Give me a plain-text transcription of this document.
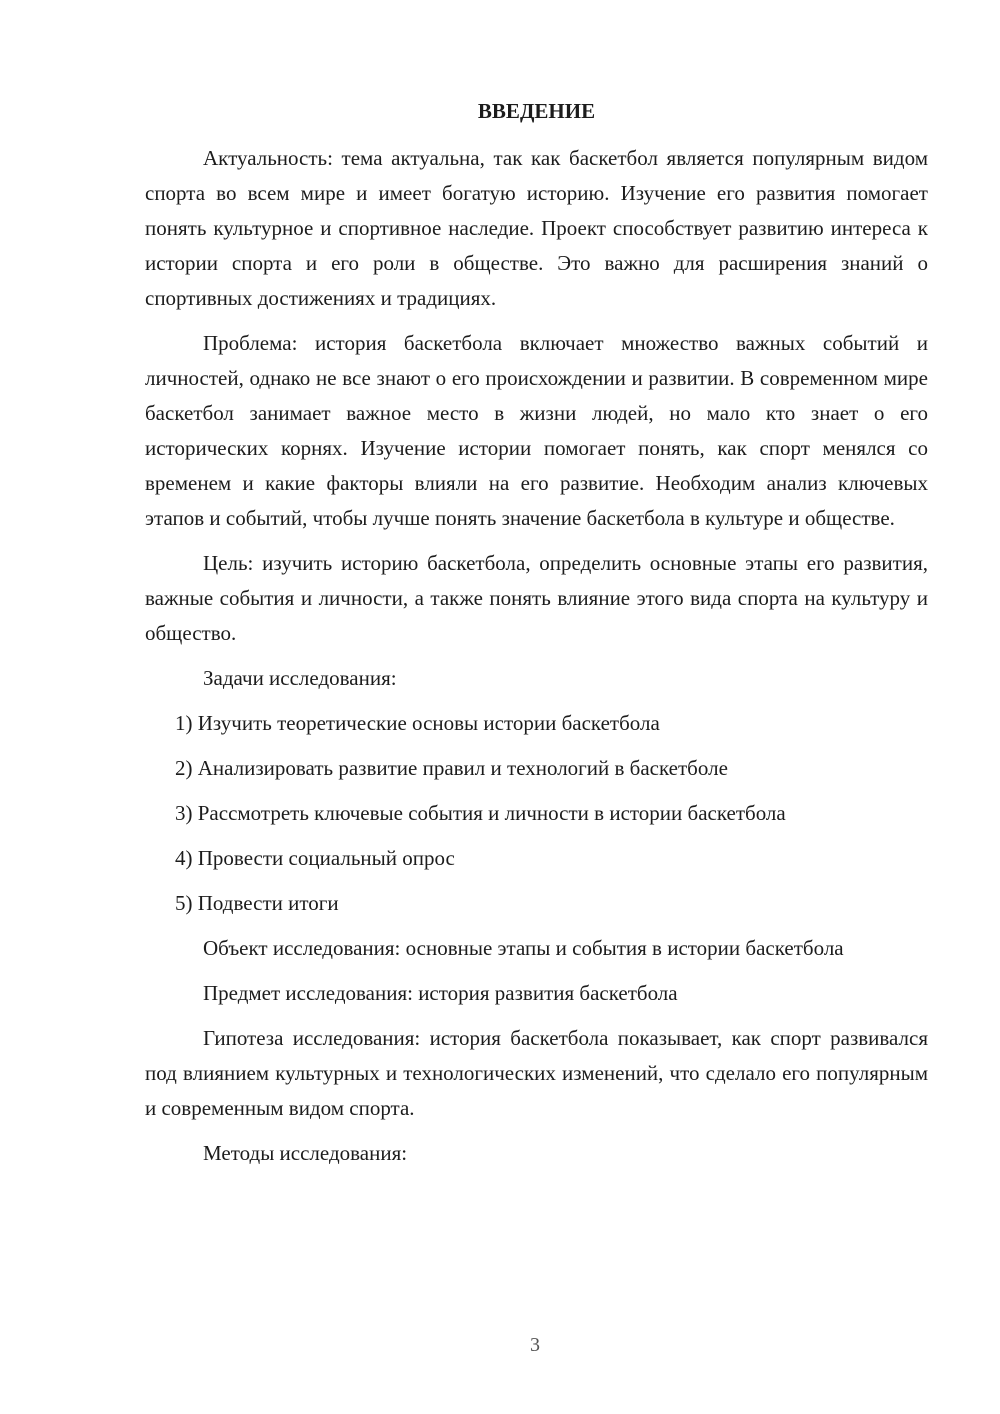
ВВЕДЕНИЕ

Актуальность: тема актуальна, так как баскетбол является популярным видом спорта во всем мире и имеет богатую историю. Изучение его развития помогает понять культурное и спортивное наследие. Проект способствует развитию интереса к истории спорта и его роли в обществе. Это важно для расширения знаний о спортивных достижениях и традициях.

Проблема: история баскетбола включает множество важных событий и личностей, однако не все знают о его происхождении и развитии. В современном мире баскетбол занимает важное место в жизни людей, но мало кто знает о его исторических корнях. Изучение истории помогает понять, как спорт менялся со временем и какие факторы влияли на его развитие. Необходим анализ ключевых этапов и событий, чтобы лучше понять значение баскетбола в культуре и обществе.

Цель: изучить историю баскетбола, определить основные этапы его развития, важные события и личности, а также понять влияние этого вида спорта на культуру и общество.

Задачи исследования:

1) Изучить теоретические основы истории баскетбола
2) Анализировать развитие правил и технологий в баскетболе
3) Рассмотреть ключевые события и личности в истории баскетбола
4) Провести социальный опрос
5) Подвести итоги

Объект исследования: основные этапы и события в истории баскетбола

Предмет исследования: история развития баскетбола

Гипотеза исследования: история баскетбола показывает, как спорт развивался под влиянием культурных и технологических изменений, что сделало его популярным и современным видом спорта.

Методы исследования:

3
